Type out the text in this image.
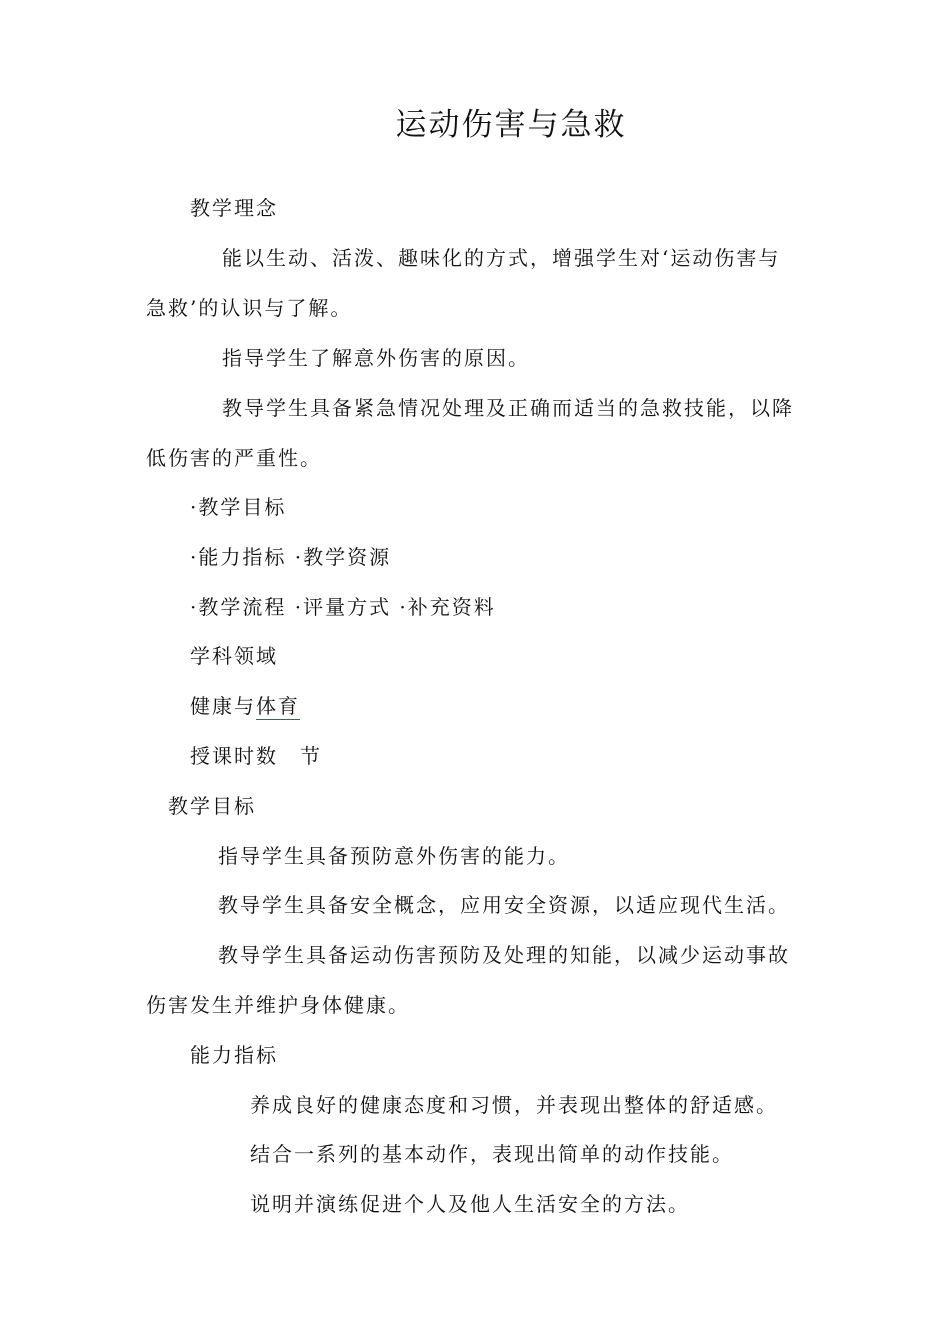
运动伤害与急救

教学理念

能以生动、活泼、趣味化的方式，增强学生对‘运动伤害与

急救’的认识与了解。

指导学生了解意外伤害的原因。

教导学生具备紧急情况处理及正确而适当的急救技能，以降

低伤害的严重性。

·教学目标

·能力指标 ·教学资源

·教学流程 ·评量方式 ·补充资料

学科领域

健康与体育

授课时数　节

教学目标

指导学生具备预防意外伤害的能力。

教导学生具备安全概念，应用安全资源，以适应现代生活。

教导学生具备运动伤害预防及处理的知能，以减少运动事故

伤害发生并维护身体健康。

能力指标

养成良好的健康态度和习惯，并表现出整体的舒适感。

结合一系列的基本动作，表现出简单的动作技能。

说明并演练促进个人及他人生活安全的方法。
